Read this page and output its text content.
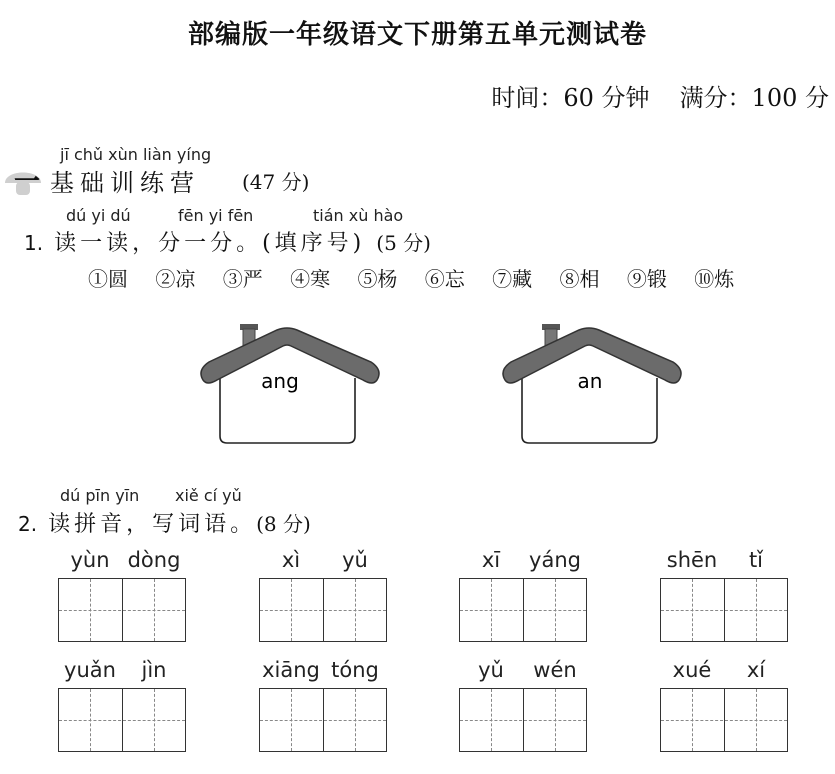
部编版一年级语文下册第五单元测试卷
时间：60 分钟 满分：100 分
jī chǔ xùn liàn yíng
一 基础训练营 (47 分)
dú yi dú	fēn yi fēn	tián xù hào
1. 读一读，分一分。(填序号) (5 分)
①圆 ②凉 ③严 ④寒 ⑤杨 ⑥忘 ⑦藏 ⑧相 ⑨锻 ⑩炼
ang	an
dú pīn yīn xiě cí yǔ
2. 读拼音，写词语。(8 分)
yùn dòng	xì	yǔ	xī	yáng	shēn	tǐ
yuǎn	jìn	xiāng tóng	yǔ	wén	xué	xí
